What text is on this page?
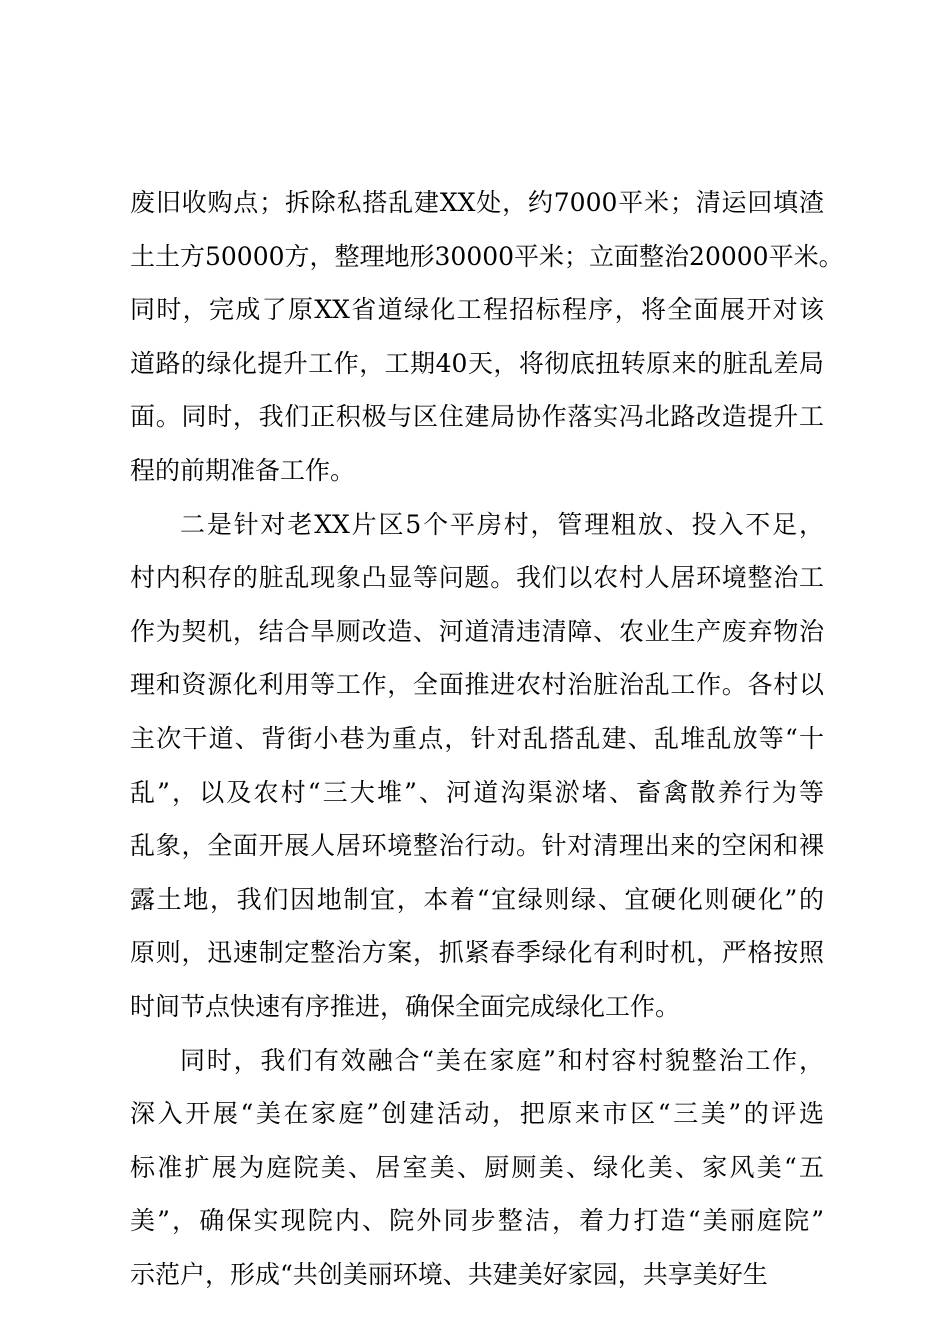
废旧收购点；拆除私搭乱建XX处，约7000平米；清运回填渣
土土方50000方，整理地形30000平米；立面整治20000平米。
同时，完成了原XX省道绿化工程招标程序，将全面展开对该
道路的绿化提升工作，工期40天，将彻底扭转原来的脏乱差局
面。同时，我们正积极与区住建局协作落实冯北路改造提升工
程的前期准备工作。
二是针对老XX片区5个平房村，管理粗放、投入不足，
村内积存的脏乱现象凸显等问题。我们以农村人居环境整治工
作为契机，结合旱厕改造、河道清违清障、农业生产废弃物治
理和资源化利用等工作，全面推进农村治脏治乱工作。各村以
主次干道、背街小巷为重点，针对乱搭乱建、乱堆乱放等“十
乱”，以及农村“三大堆”、河道沟渠淤堵、畜禽散养行为等
乱象，全面开展人居环境整治行动。针对清理出来的空闲和裸
露土地，我们因地制宜，本着“宜绿则绿、宜硬化则硬化”的
原则，迅速制定整治方案，抓紧春季绿化有利时机，严格按照
时间节点快速有序推进，确保全面完成绿化工作。
同时，我们有效融合“美在家庭”和村容村貌整治工作，
深入开展“美在家庭”创建活动，把原来市区“三美”的评选
标准扩展为庭院美、居室美、厨厕美、绿化美、家风美“五
美”，确保实现院内、院外同步整洁，着力打造“美丽庭院”
示范户，形成“共创美丽环境、共建美好家园，共享美好生
